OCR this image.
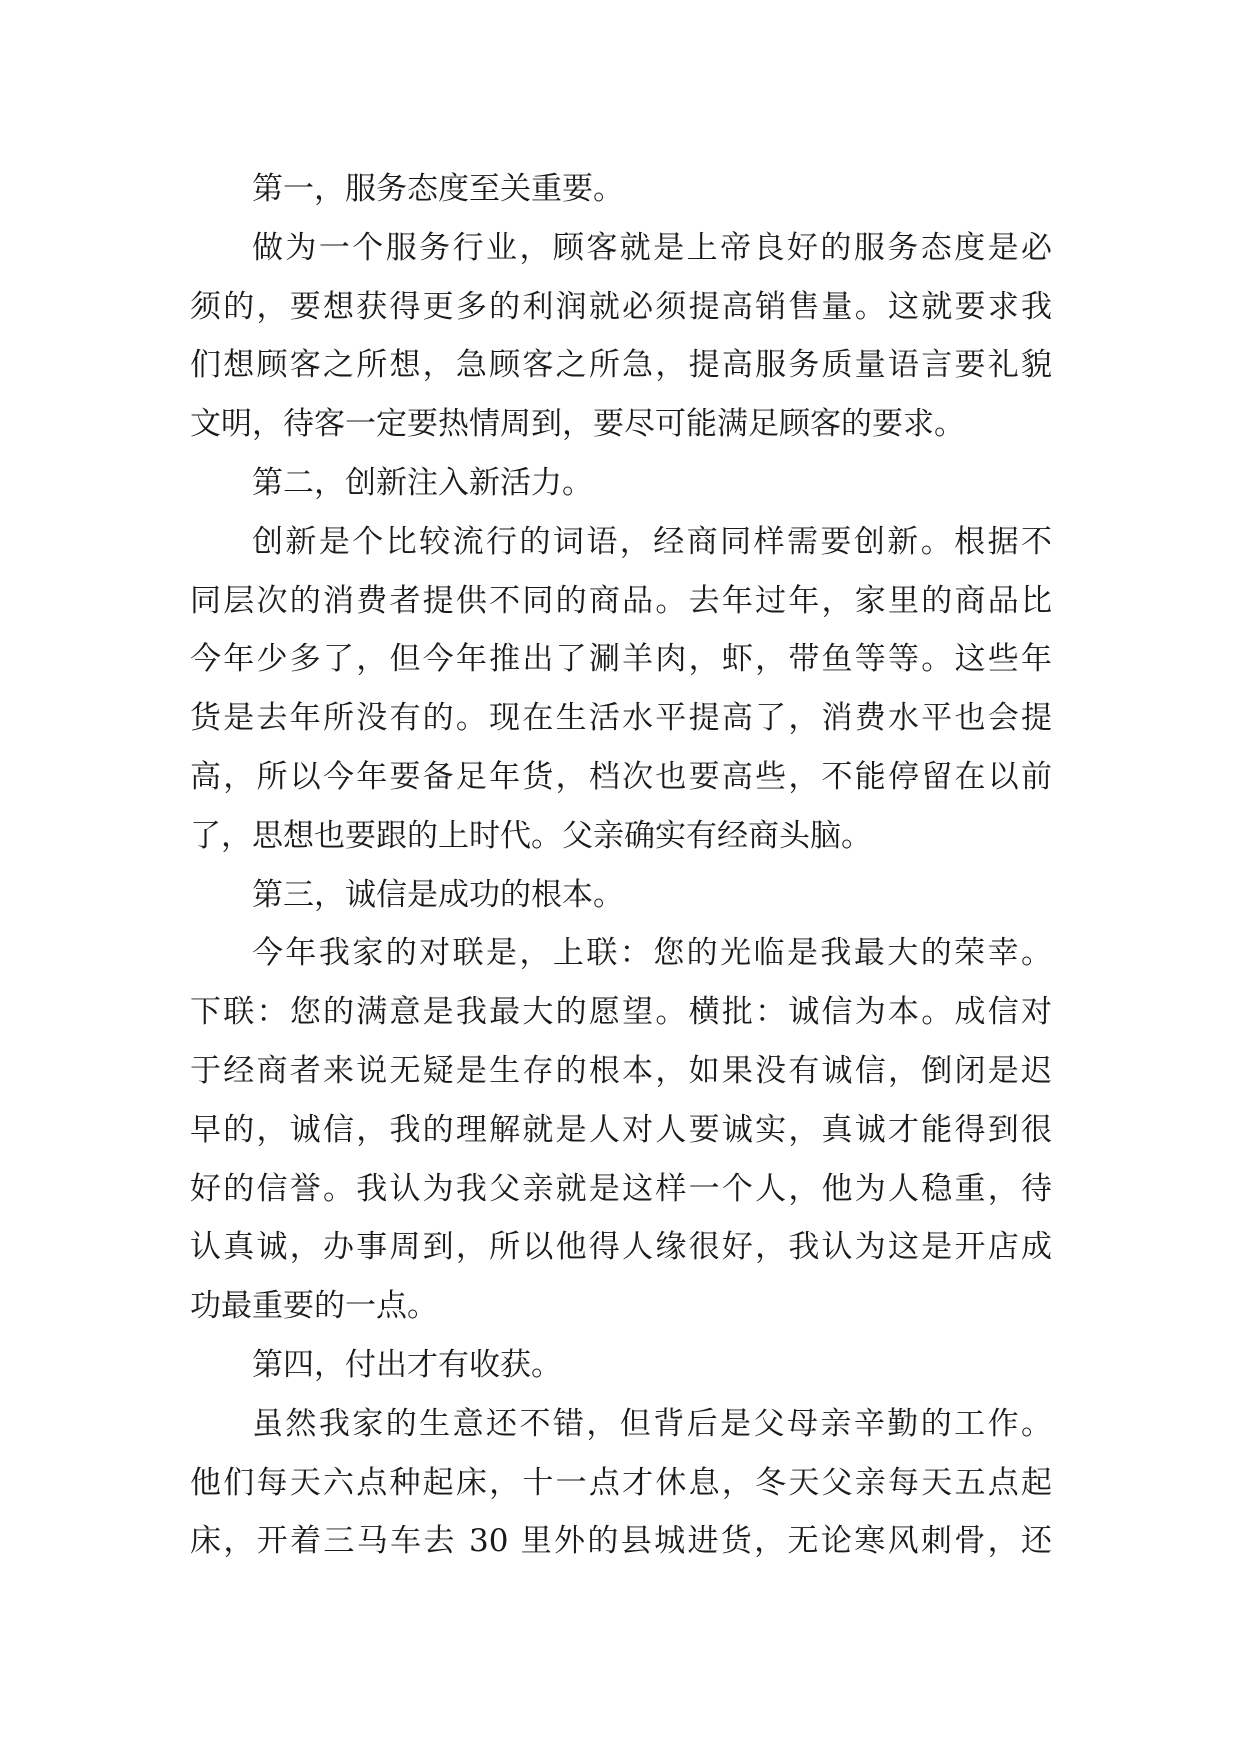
第一，服务态度至关重要。
做为一个服务行业，顾客就是上帝良好的服务态度是必
须的，要想获得更多的利润就必须提高销售量。这就要求我
们想顾客之所想，急顾客之所急，提高服务质量语言要礼貌
文明，待客一定要热情周到，要尽可能满足顾客的要求。
第二，创新注入新活力。
创新是个比较流行的词语，经商同样需要创新。根据不
同层次的消费者提供不同的商品。去年过年，家里的商品比
今年少多了，但今年推出了涮羊肉，虾，带鱼等等。这些年
货是去年所没有的。现在生活水平提高了，消费水平也会提
高，所以今年要备足年货，档次也要高些，不能停留在以前
了，思想也要跟的上时代。父亲确实有经商头脑。
第三，诚信是成功的根本。
今年我家的对联是，上联：您的光临是我最大的荣幸。
下联：您的满意是我最大的愿望。横批：诚信为本。成信对
于经商者来说无疑是生存的根本，如果没有诚信，倒闭是迟
早的，诚信，我的理解就是人对人要诚实，真诚才能得到很
好的信誉。我认为我父亲就是这样一个人，他为人稳重，待
认真诚，办事周到，所以他得人缘很好，我认为这是开店成
功最重要的一点。
第四，付出才有收获。
虽然我家的生意还不错，但背后是父母亲辛勤的工作。
他们每天六点种起床，十一点才休息，冬天父亲每天五点起
床，开着三马车去 30 里外的县城进货，无论寒风刺骨，还
